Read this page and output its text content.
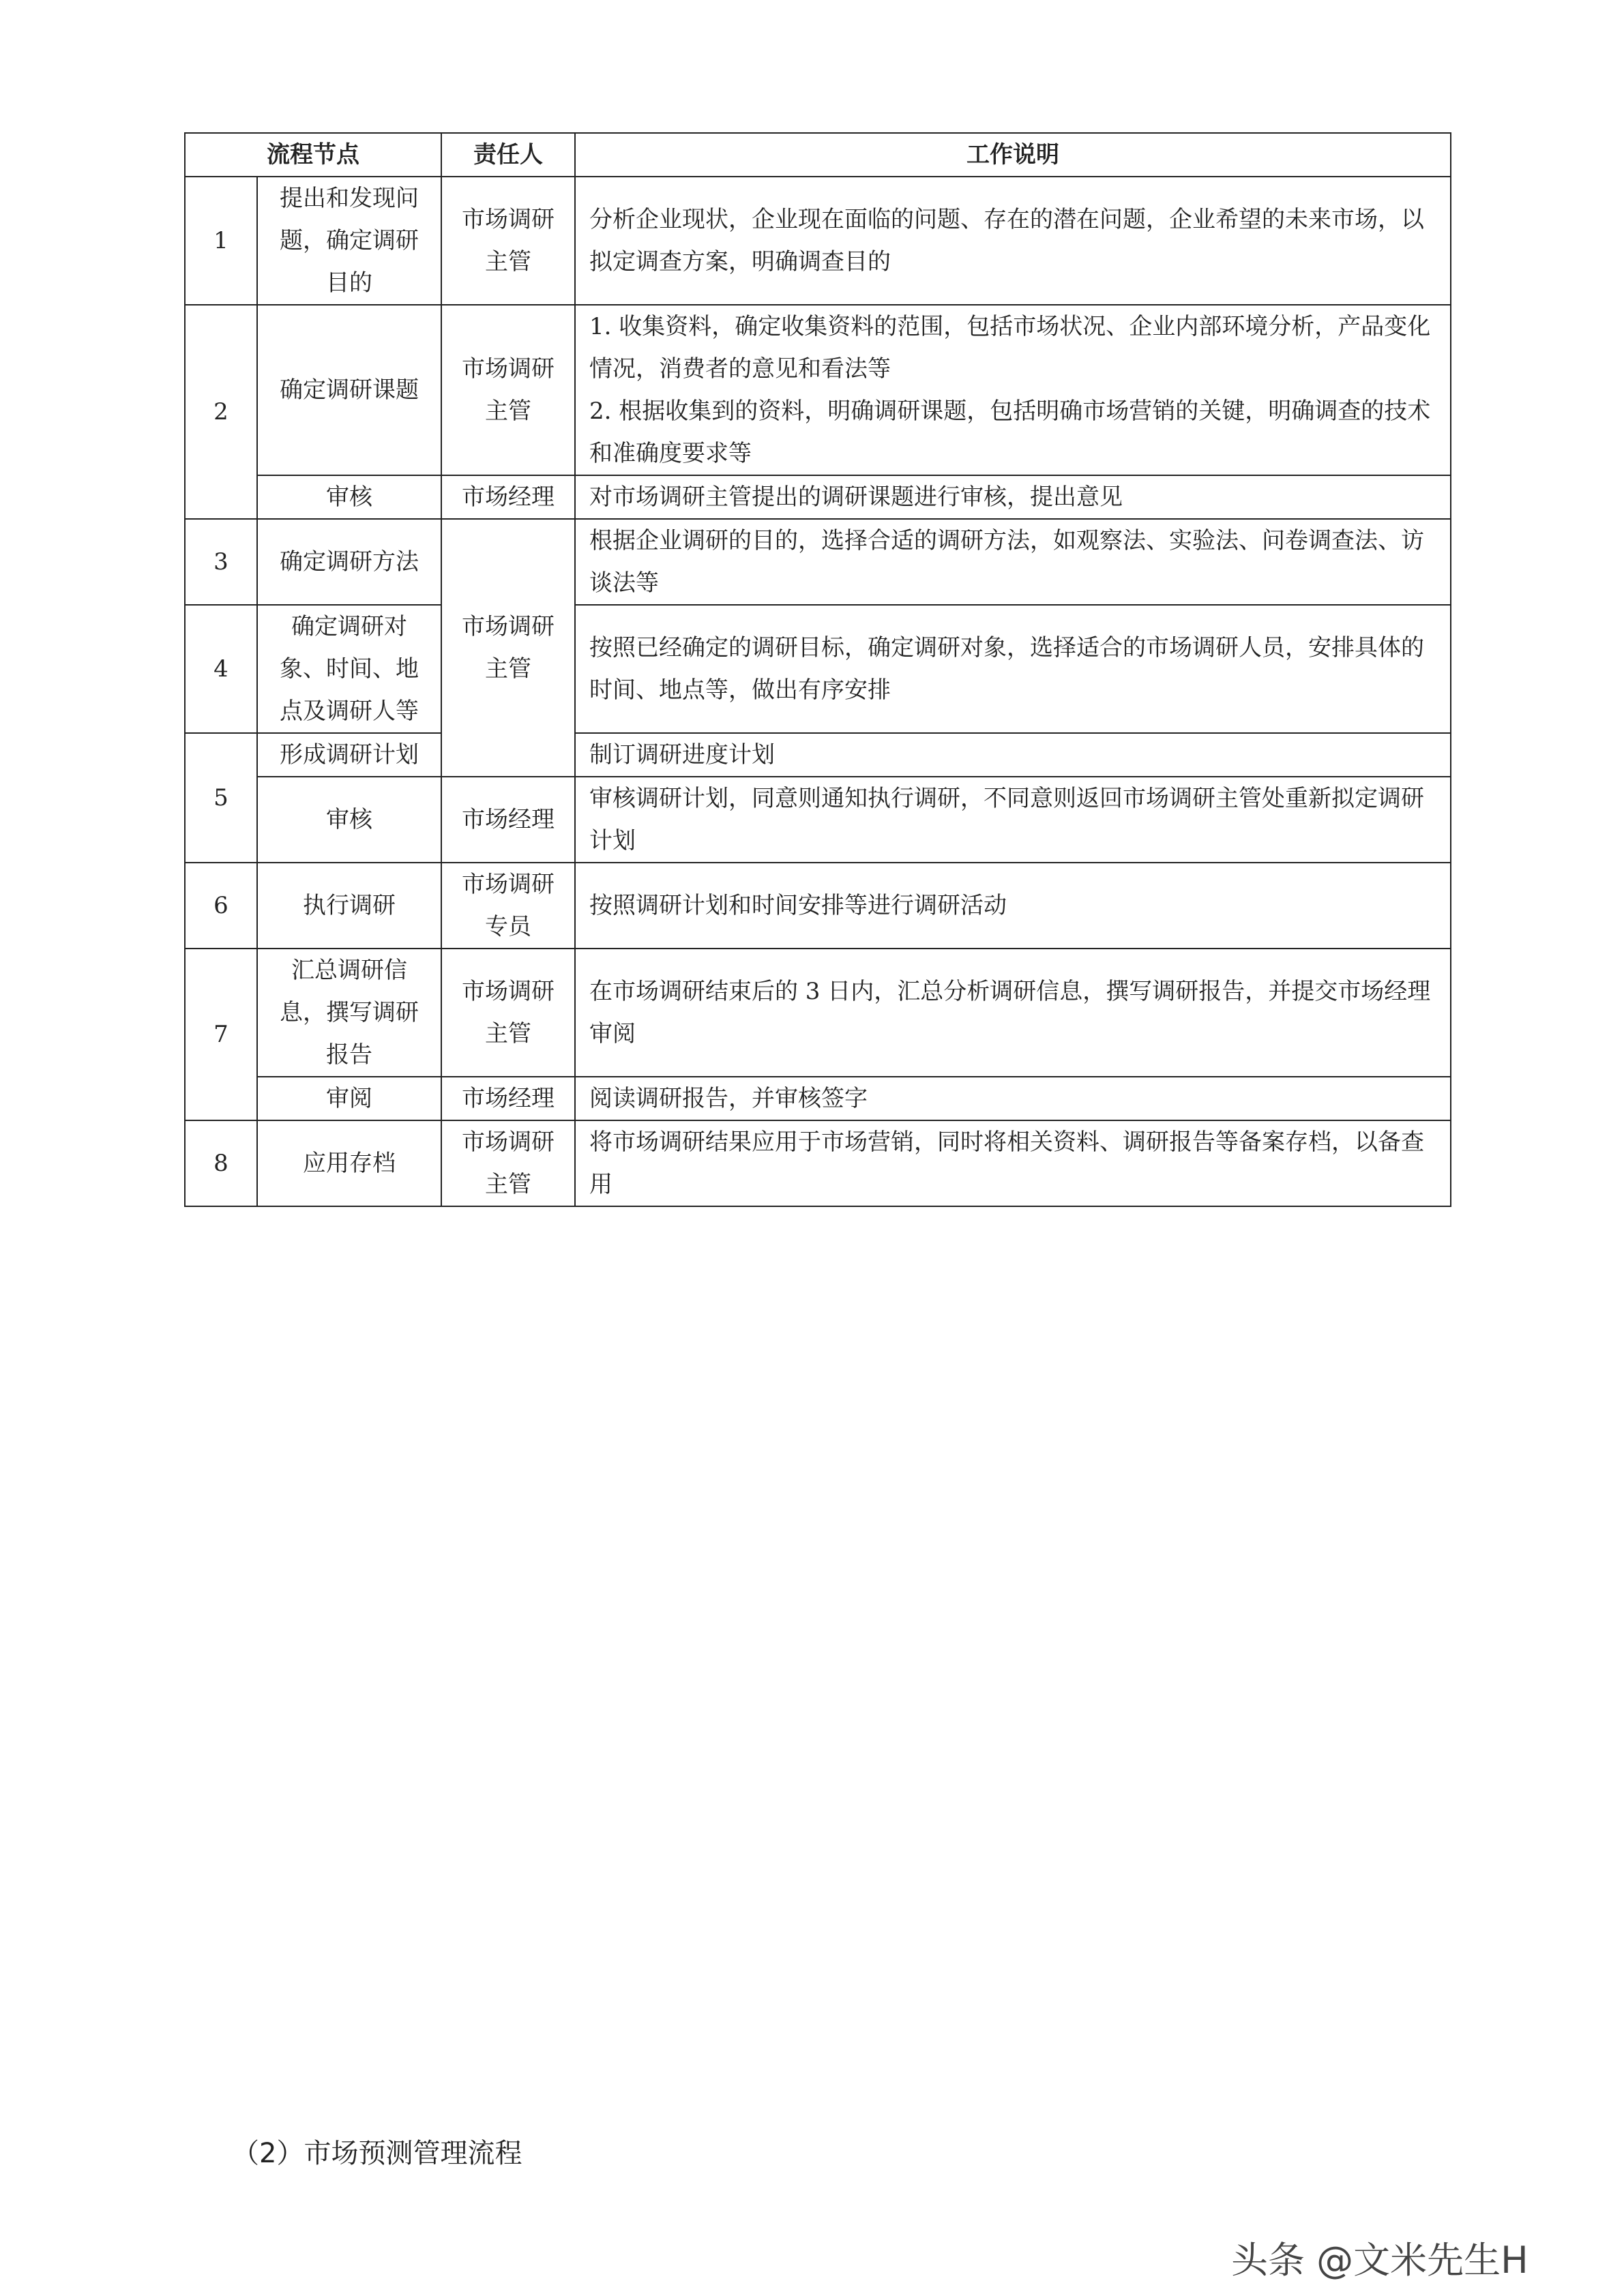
流程节点		责任人	工作说明
1	提出和发现问题，确定调研目的	市场调研主管	分析企业现状，企业现在面临的问题、存在的潜在问题，企业希望的未来市场，以拟定调查方案，明确调查目的
2	确定调研课题	市场调研主管	1. 收集资料，确定收集资料的范围，包括市场状况、企业内部环境分析，产品变化情况，消费者的意见和看法等
2. 根据收集到的资料，明确调研课题，包括明确市场营销的关键，明确调查的技术和准确度要求等

	审核	市场经理	对市场调研主管提出的调研课题进行审核，提出意见
3	确定调研方法	市场调研主管	根据企业调研的目的，选择合适的调研方法，如观察法、实验法、问卷调查法、访谈法等
4	确定调研对象、时间、地点及调研人等		按照已经确定的调研目标，确定调研对象，选择适合的市场调研人员，安排具体的时间、地点等，做出有序安排
5	形成调研计划		制订调研进度计划
	审核	市场经理	审核调研计划，同意则通知执行调研，不同意则返回市场调研主管处重新拟定调研计划
6	执行调研	市场调研专员	按照调研计划和时间安排等进行调研活动
7	汇总调研信息，撰写调研报告	市场调研主管	在市场调研结束后的 3 日内，汇总分析调研信息，撰写调研报告，并提交市场经理审阅
	审阅	市场经理	阅读调研报告，并审核签字
8	应用存档	市场调研主管	将市场调研结果应用于市场营销，同时将相关资料、调研报告等备案存档，以备查用
（2）市场预测管理流程
头条 @文米先生H
